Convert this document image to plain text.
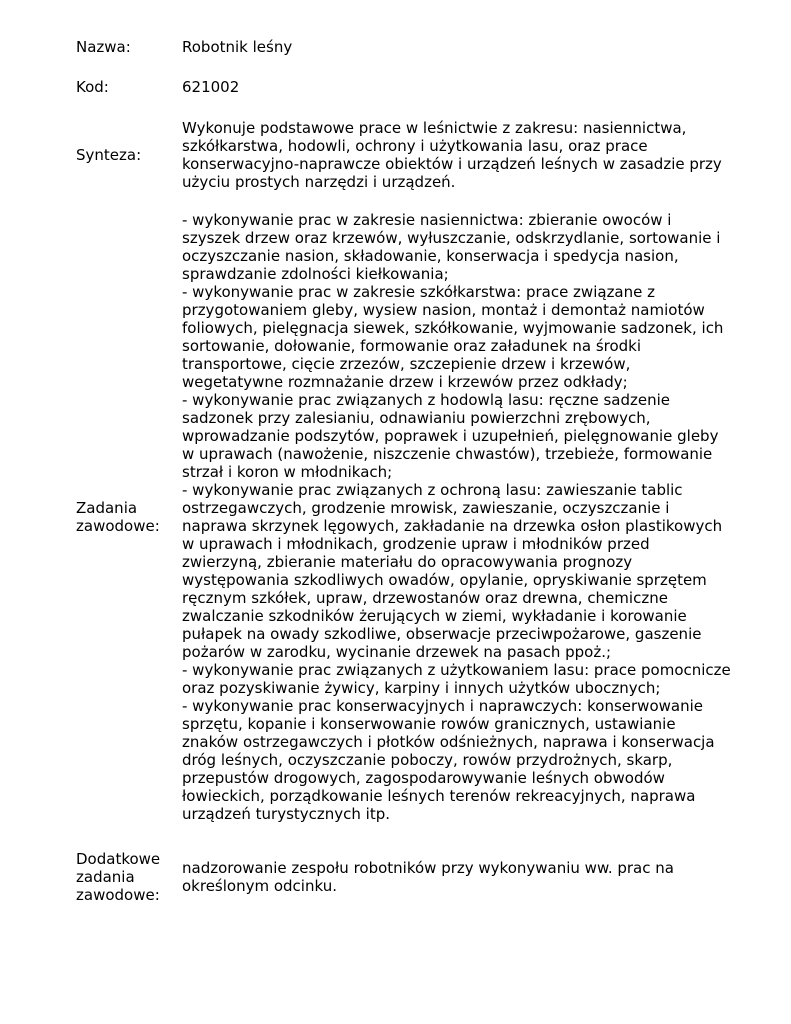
Nazwa:	Robotnik leśny
Kod:	621002
Synteza:
Wykonuje podstawowe prace w leśnictwie z zakresu: nasiennictwa,
szkółkarstwa, hodowli, ochrony i użytkowania lasu, oraz prace
konserwacyjno-naprawcze obiektów i urządzeń leśnych w zasadzie przy
użyciu prostych narzędzi i urządzeń.
Zadania
zawodowe:
- wykonywanie prac w zakresie nasiennictwa: zbieranie owoców i
szyszek drzew oraz krzewów, wyłuszczanie, odskrzydlanie, sortowanie i
oczyszczanie nasion, składowanie, konserwacja i spedycja nasion,
sprawdzanie zdolności kiełkowania;
- wykonywanie prac w zakresie szkółkarstwa: prace związane z
przygotowaniem gleby, wysiew nasion, montaż i demontaż namiotów
foliowych, pielęgnacja siewek, szkółkowanie, wyjmowanie sadzonek, ich
sortowanie, dołowanie, formowanie oraz załadunek na środki
transportowe, cięcie zrzezów, szczepienie drzew i krzewów,
wegetatywne rozmnażanie drzew i krzewów przez odkłady;
- wykonywanie prac związanych z hodowlą lasu: ręczne sadzenie
sadzonek przy zalesianiu, odnawianiu powierzchni zrębowych,
wprowadzanie podszytów, poprawek i uzupełnień, pielęgnowanie gleby
w uprawach (nawożenie, niszczenie chwastów), trzebieże, formowanie
strzał i koron w młodnikach;
- wykonywanie prac związanych z ochroną lasu: zawieszanie tablic
ostrzegawczych, grodzenie mrowisk, zawieszanie, oczyszczanie i
naprawa skrzynek lęgowych, zakładanie na drzewka osłon plastikowych
w uprawach i młodnikach, grodzenie upraw i młodników przed
zwierzyną, zbieranie materiału do opracowywania prognozy
występowania szkodliwych owadów, opylanie, opryskiwanie sprzętem
ręcznym szkółek, upraw, drzewostanów oraz drewna, chemiczne
zwalczanie szkodników żerujących w ziemi, wykładanie i korowanie
pułapek na owady szkodliwe, obserwacje przeciwpożarowe, gaszenie
pożarów w zarodku, wycinanie drzewek na pasach ppoż.;
- wykonywanie prac związanych z użytkowaniem lasu: prace pomocnicze
oraz pozyskiwanie żywicy, karpiny i innych użytków ubocznych;
- wykonywanie prac konserwacyjnych i naprawczych: konserwowanie
sprzętu, kopanie i konserwowanie rowów granicznych, ustawianie
znaków ostrzegawczych i płotków odśnieżnych, naprawa i konserwacja
dróg leśnych, oczyszczanie poboczy, rowów przydrożnych, skarp,
przepustów drogowych, zagospodarowywanie leśnych obwodów
łowieckich, porządkowanie leśnych terenów rekreacyjnych, naprawa
urządzeń turystycznych itp.
Dodatkowe
zadania
zawodowe:
nadzorowanie zespołu robotników przy wykonywaniu ww. prac na
określonym odcinku.
